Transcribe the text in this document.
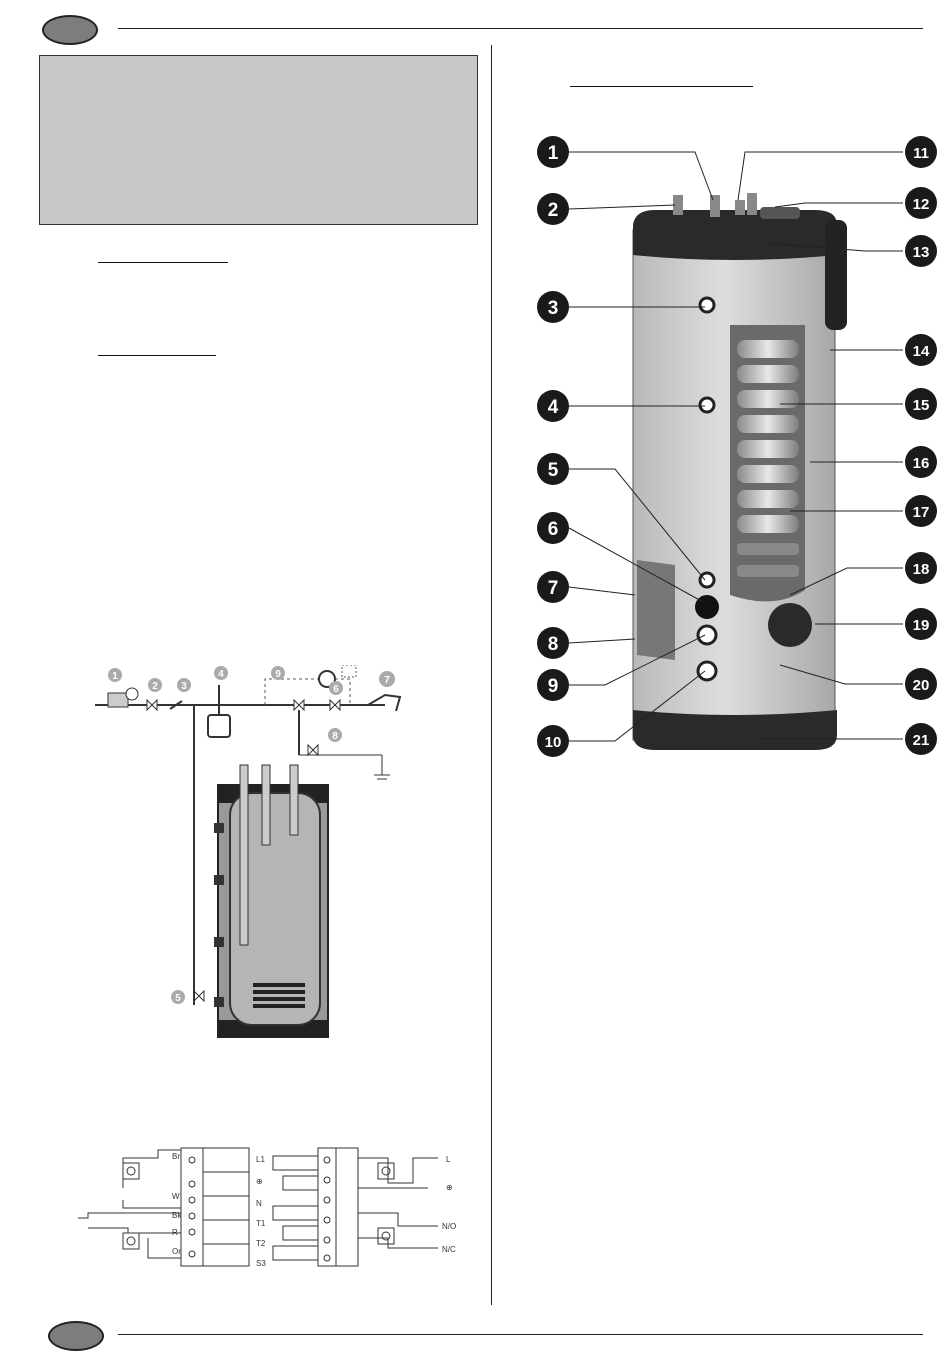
1
2 3
4
5
6
7
8
9
Br
W
Bk
R
Or
L1
⊕
N
T1
T2
S3
L
⊕
N/O
N/C
1
2
3
4
5
6
7
8
9
10
11
12
13
14
15
16
17
18
19
20
21
